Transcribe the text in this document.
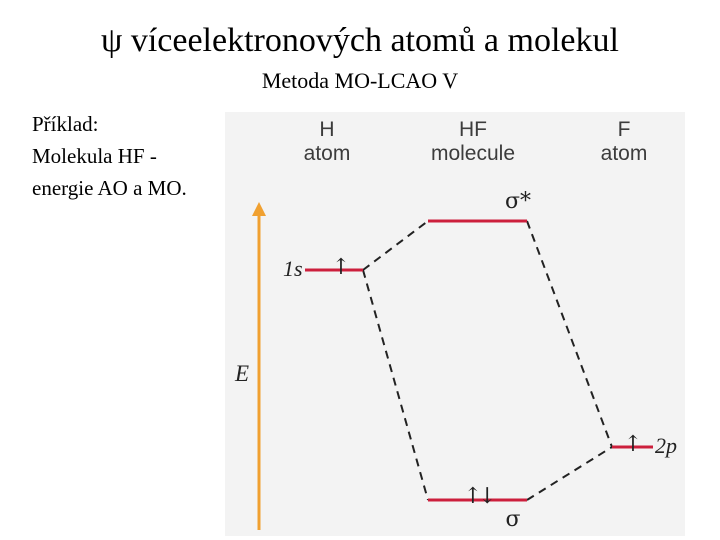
ψ víceelektronových atomů a molekul
Metoda MO-LCAO V
Příklad:
Molekula HF -
energie AO a MO.
H
atom
HF
molecule
F
atom
E
1s	↑
σ*
↑↓
σ
↑ 2p
